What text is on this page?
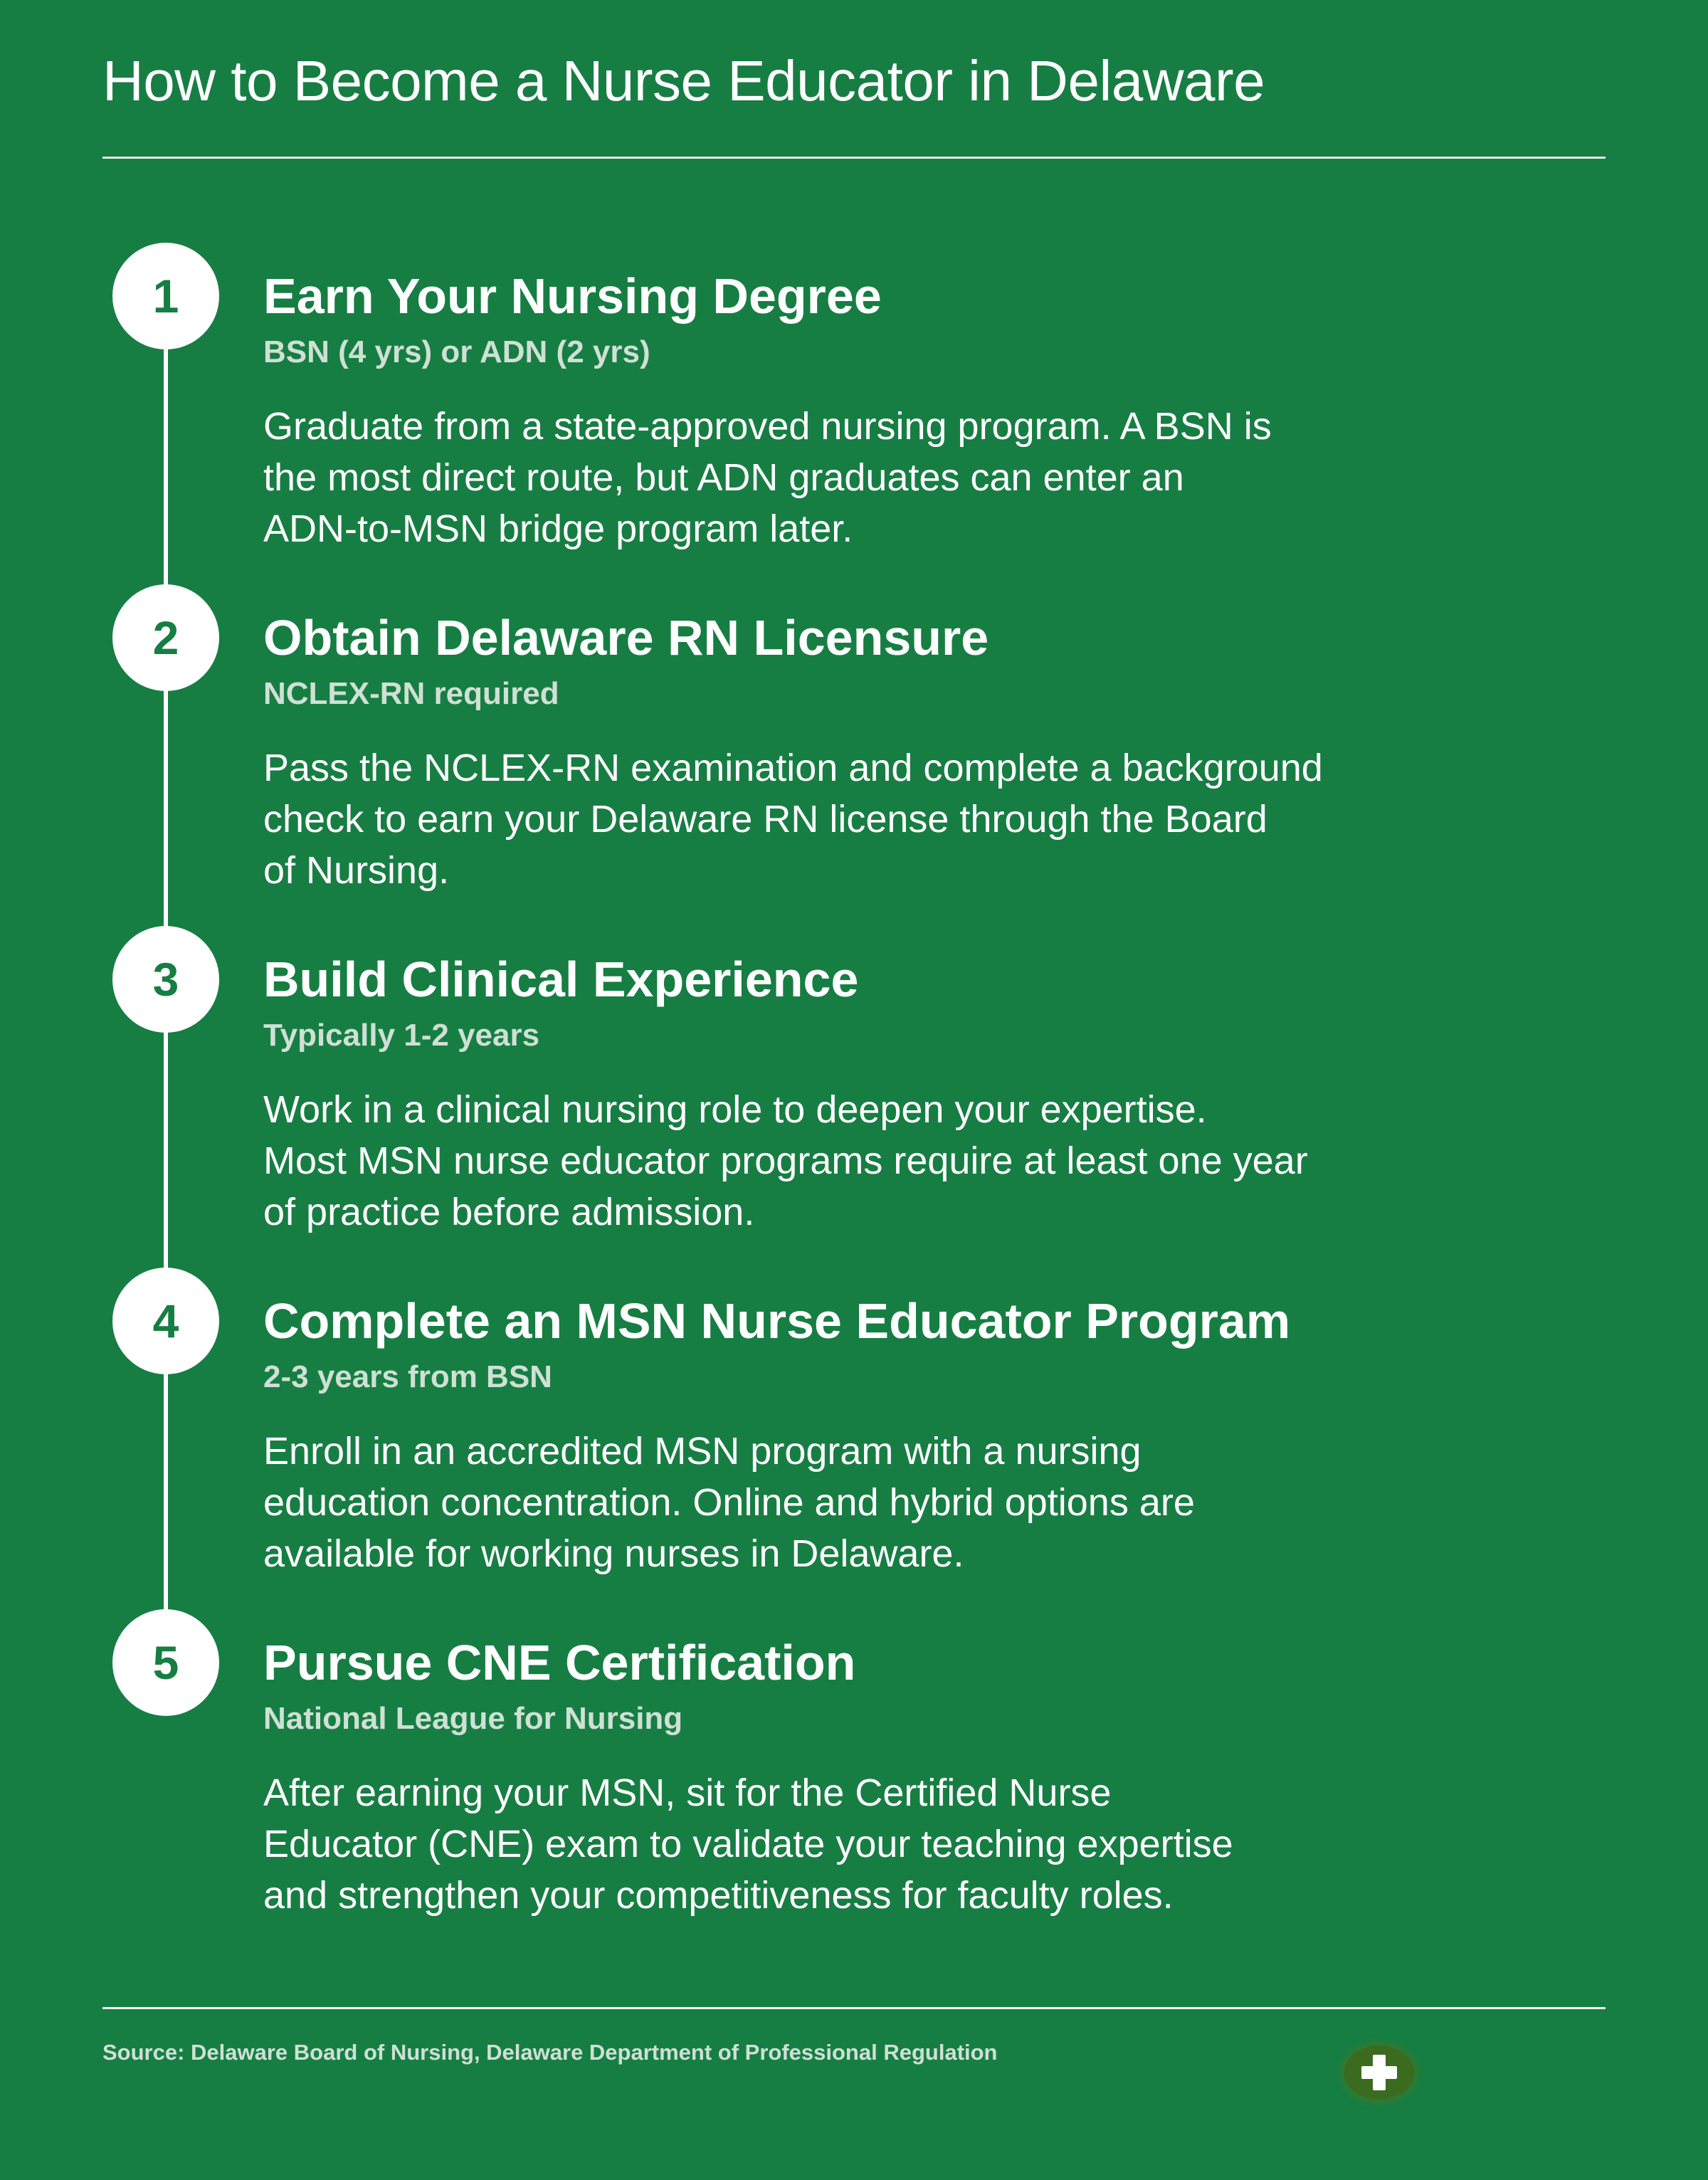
How to Become a Nurse Educator in Delaware
1	Earn Your Nursing Degree
BSN (4 yrs) or ADN (2 yrs)

Graduate from a state-approved nursing program. A BSN is
the most direct route, but ADN graduates can enter an
ADN-to-MSN bridge program later.

2	Obtain Delaware RN Licensure
NCLEX-RN required

Pass the NCLEX-RN examination and complete a background
check to earn your Delaware RN license through the Board
of Nursing.

3	Build Clinical Experience
Typically 1-2 years

Work in a clinical nursing role to deepen your expertise.
Most MSN nurse educator programs require at least one year
of practice before admission.

4	Complete an MSN Nurse Educator Program
2-3 years from BSN

Enroll in an accredited MSN program with a nursing
education concentration. Online and hybrid options are
available for working nurses in Delaware.

5	Pursue CNE Certification
National League for Nursing

After earning your MSN, sit for the Certified Nurse
Educator (CNE) exam to validate your teaching expertise
and strengthen your competitiveness for faculty roles.

Source: Delaware Board of Nursing, Delaware Department of Professional Regulation
